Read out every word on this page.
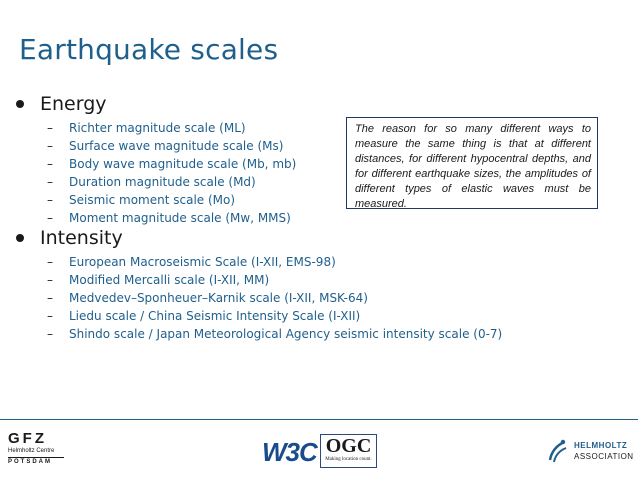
Earthquake scales
Energy
–	Richter magnitude scale (ML)
–	Surface wave magnitude scale (Ms)
–	Body wave magnitude scale (Mb, mb)
–	Duration magnitude scale (Md)
–	Seismic moment scale (Mo)
–	Moment magnitude scale (Mw, MMS)
The reason for so many different ways to measure the same thing is that at different distances, for different hypocentral depths, and for different earthquake sizes, the amplitudes of different types of elastic waves must be measured.
Intensity
–	European Macroseismic Scale (I-XII, EMS-98)
–	Modified Mercalli scale (I-XII, MM)
–	Medvedev–Sponheuer–Karnik scale (I-XII, MSK-64)
–	Liedu scale / China Seismic Intensity Scale (I-XII)
–	Shindo scale / Japan Meteorological Agency seismic intensity scale (0-7)
GFZ
Helmholtz Centre
POTSDAM	W 3 C OGC
Making location count.
HELMHOLTZ
ASSOCIATION
